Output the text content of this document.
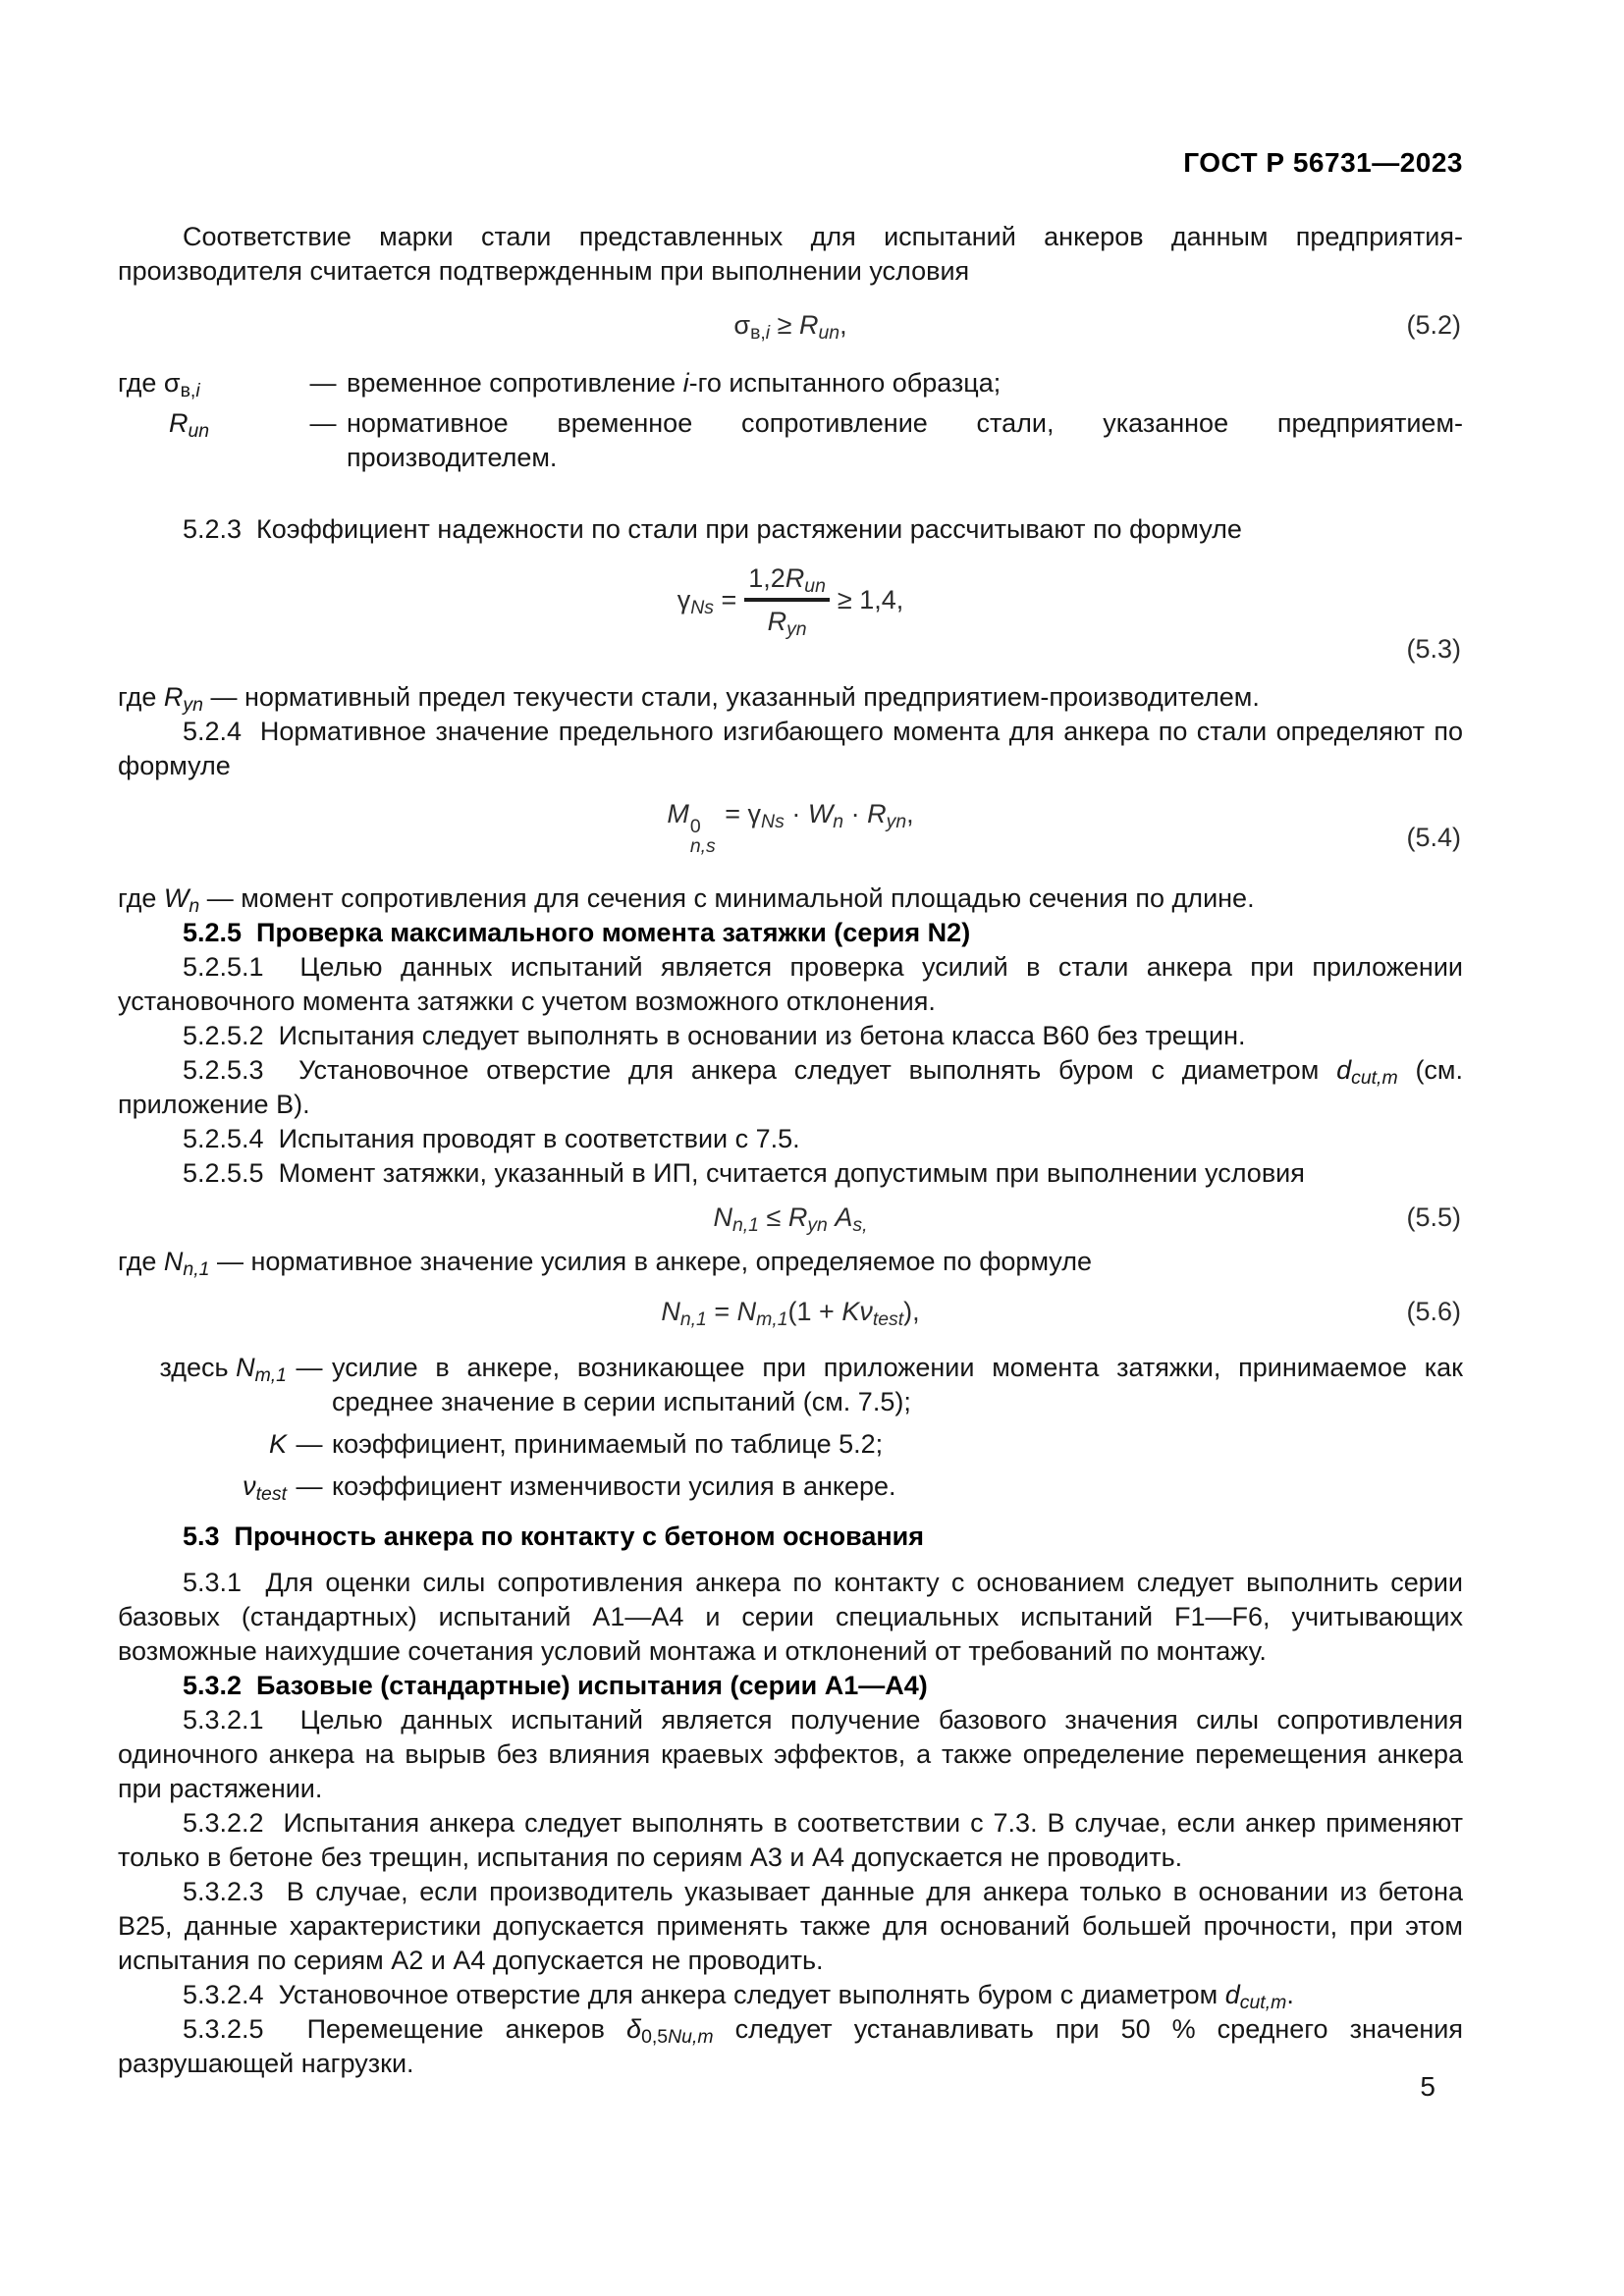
ГОСТ Р 56731—2023
Соответствие марки стали представленных для испытаний анкеров данным предприятия-производителя считается подтвержденным при выполнении условия
σв,i ≥ Run,	(5.2)
где σв,i	— временное сопротивление i-го испытанного образца;
Run	— нормативное временное сопротивление стали, указанное предприятием-производителем.
5.2.3  Коэффициент надежности по стали при растяжении рассчитывают по формуле
$\gamma Ns = \frac{\text{1,2Run}}{\text{Ryn}} \ge 1,4$,
(5.3)
где Ryn — нормативный предел текучести стали, указанный предприятием-производителем.
5.2.4  Нормативное значение предельного изгибающего момента для анкера по стали определяют по формуле
M 0
n,s
= γNs · Wn · Ryn,
(5.4)
где Wn — момент сопротивления для сечения с минимальной площадью сечения по длине.
5.2.5  Проверка максимального момента затяжки (серия N2)
5.2.5.1  Целью данных испытаний является проверка усилий в стали анкера при приложении установочного момента затяжки с учетом возможного отклонения.
5.2.5.2  Испытания следует выполнять в основании из бетона класса В60 без трещин.
5.2.5.3  Установочное отверстие для анкера следует выполнять буром с диаметром dcut,m (см. приложение В).
5.2.5.4  Испытания проводят в соответствии с 7.5.
5.2.5.5  Момент затяжки, указанный в ИП, считается допустимым при выполнении условия
Nn,1 ≤ Ryn As,	(5.5)
где Nn,1 — нормативное значение усилия в анкере, определяемое по формуле
Nn,1 = Nm,1(1 + Kνtest),	(5.6)
здесь Nm,1 — усилие в анкере, возникающее при приложении момента затяжки, принимаемое как среднее значение в серии испытаний (см. 7.5);
K — коэффициент, принимаемый по таблице 5.2;
νtest — коэффициент изменчивости усилия в анкере.
5.3  Прочность анкера по контакту с бетоном основания
5.3.1  Для оценки силы сопротивления анкера по контакту с основанием следует выполнить серии базовых (стандартных) испытаний А1—А4 и серии специальных испытаний F1—F6, учитывающих возможные наихудшие сочетания условий монтажа и отклонений от требований по монтажу.
5.3.2  Базовые (стандартные) испытания (серии А1—А4)
5.3.2.1  Целью данных испытаний является получение базового значения силы сопротивления одиночного анкера на вырыв без влияния краевых эффектов, а также определение перемещения анкера при растяжении.
5.3.2.2  Испытания анкера следует выполнять в соответствии с 7.3. В случае, если анкер применяют только в бетоне без трещин, испытания по сериям А3 и А4 допускается не проводить.
5.3.2.3  В случае, если производитель указывает данные для анкера только в основании из бетона В25, данные характеристики допускается применять также для оснований большей прочности, при этом испытания по сериям А2 и А4 допускается не проводить.
5.3.2.4  Установочное отверстие для анкера следует выполнять буром с диаметром dcut,m.
5.3.2.5  Перемещение анкеров δ0,5Nu,m следует устанавливать при 50 % среднего значения разрушающей нагрузки.
5
